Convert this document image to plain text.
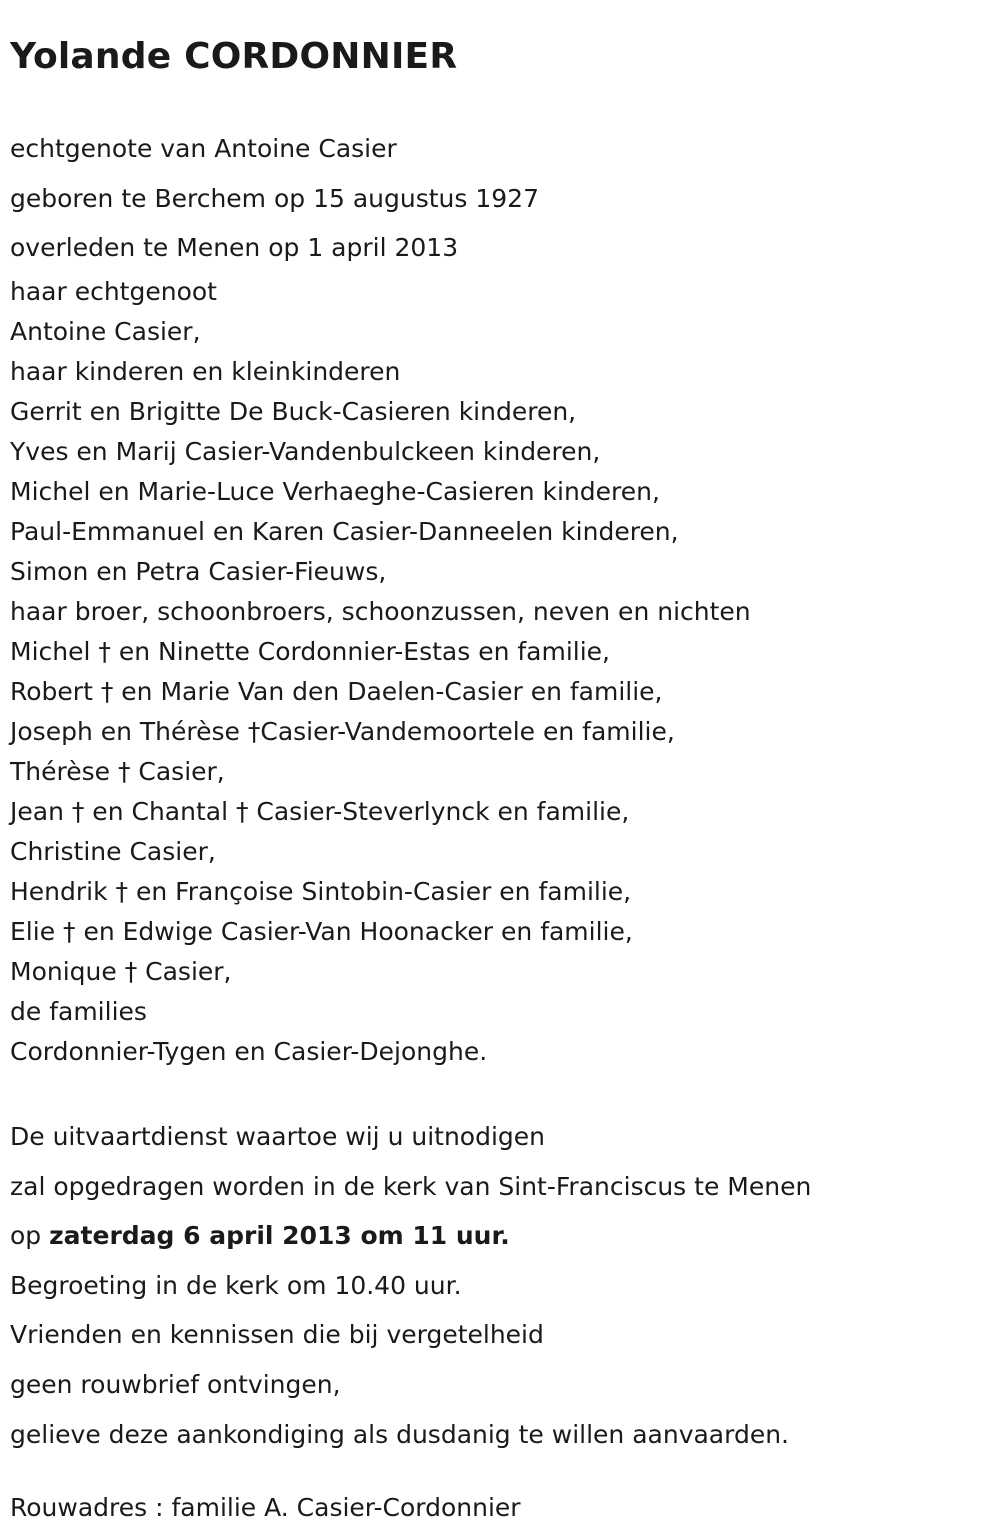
Yolande CORDONNIER

echtgenote van Antoine Casier

geboren te Berchem op 15 augustus 1927

overleden te Menen op 1 april 2013

haar echtgenoot

Antoine Casier,

haar kinderen en kleinkinderen

Gerrit en Brigitte De Buck-Casieren kinderen,

Yves en Marij Casier-Vandenbulckeen kinderen,

Michel en Marie-Luce Verhaeghe-Casieren kinderen,

Paul-Emmanuel en Karen Casier-Danneelen kinderen,

Simon en Petra Casier-Fieuws,

haar broer, schoonbroers, schoonzussen, neven en nichten

Michel † en Ninette Cordonnier-Estas en familie,

Robert † en Marie Van den Daelen-Casier en familie,

Joseph en Thérèse †Casier-Vandemoortele en familie,

Thérèse † Casier,

Jean † en Chantal † Casier-Steverlynck en familie,

Christine Casier,

Hendrik † en Françoise Sintobin-Casier en familie,

Elie † en Edwige Casier-Van Hoonacker en familie,

Monique † Casier,

de families

Cordonnier-Tygen en Casier-Dejonghe.

De uitvaartdienst waartoe wij u uitnodigen

zal opgedragen worden in de kerk van Sint-Franciscus te Menen

op zaterdag 6 april 2013 om 11 uur.

Begroeting in de kerk om 10.40 uur.

Vrienden en kennissen die bij vergetelheid

geen rouwbrief ontvingen,

gelieve deze aankondiging als dusdanig te willen aanvaarden.

Rouwadres : familie A. Casier-Cordonnier
